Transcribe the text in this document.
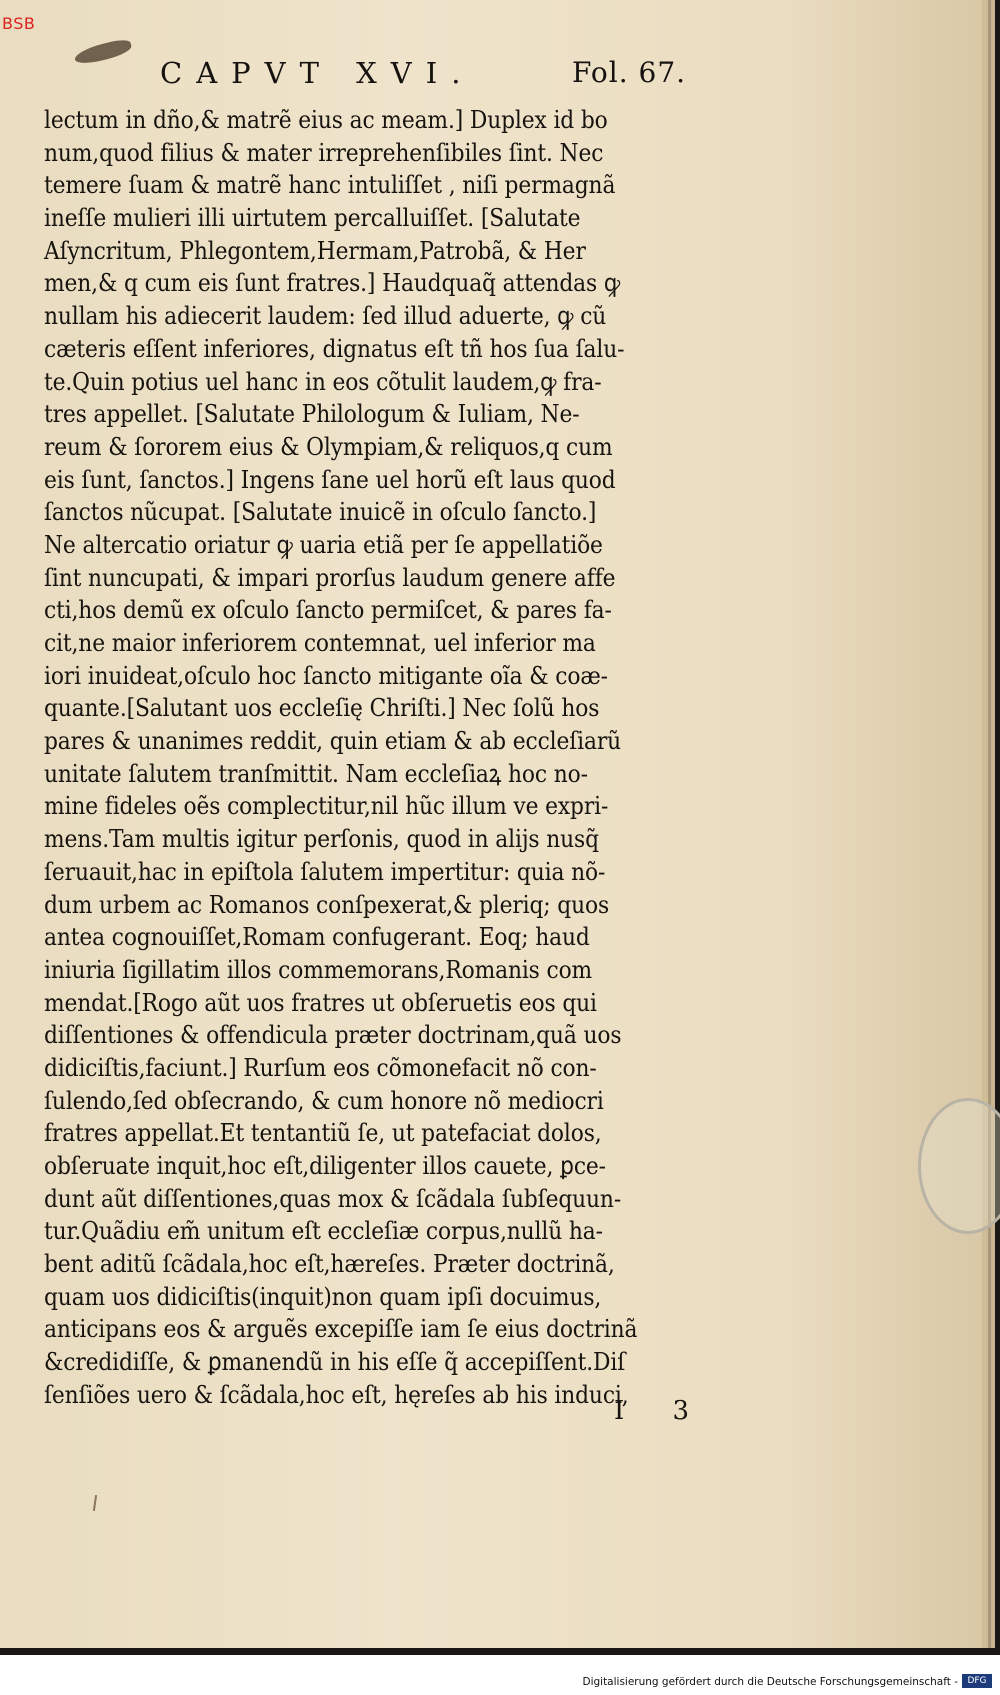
BSB
CAPVT XVI.	Fol. 67.
lectum in dño,& matrẽ eius ac meam.] Duplex id bo
num,quod filius & mater irreprehenſibiles ſint. Nec
temere ſuam & matrẽ hanc intuliſſet , niſi permagnã
ineſſe mulieri illi uirtutem percalluiſſet. [Salutate
Aſyncritum, Phlegontem,Hermam,Patrobã, & Her
men,& q cum eis ſunt fratres.] Haudquaq̃ attendas ꝙ
nullam his adiecerit laudem: ſed illud aduerte, ꝙ cũ
cæteris eſſent inferiores, dignatus eſt tñ hos ſua ſalu-
te.Quin potius uel hanc in eos cõtulit laudem,ꝙ fra-
tres appellet. [Salutate Philologum & Iuliam, Ne-
reum & ſororem eius & Olympiam,& reliquos,q cum
eis ſunt, ſanctos.] Ingens ſane uel horũ eſt laus quod
ſanctos nũcupat. [Salutate inuicẽ in oſculo ſancto.]
Ne altercatio oriatur ꝙ uaria etiã per ſe appellatiõe
ſint nuncupati, & impari prorſus laudum genere affe
cti,hos demũ ex oſculo ſancto permiſcet, & pares fa-
cit,ne maior inferiorem contemnat, uel inferior ma
iori inuideat,oſculo hoc ſancto mitigante oĩa & coæ-
quante.[Salutant uos eccleſię Chriſti.] Nec ſolũ hos
pares & unanimes reddit, quin etiam & ab eccleſiarũ
unitate ſalutem tranſmittit. Nam eccleſiaꝝ hoc no-
mine fideles oẽs complectitur,nil hũc illum ve expri-
mens.Tam multis igitur perſonis, quod in alijs nusq̃
ſeruauit,hac in epiſtola ſalutem impertitur: quia nõ-
dum urbem ac Romanos conſpexerat,& pleriq; quos
antea cognouiſſet,Romam confugerant. Eoq; haud
iniuria ſigillatim illos commemorans,Romanis com
mendat.[Rogo aũt uos fratres ut obſeruetis eos qui
diſſentiones & offendicula præter doctrinam,quã uos
didiciſtis,faciunt.] Rurſum eos cõmonefacit nõ con-
ſulendo,ſed obſecrando, & cum honore nõ mediocri
fratres appellat.Et tentantiũ ſe, ut patefaciat dolos,
obſeruate inquit,hoc eſt,diligenter illos cauete, ꝑce-
dunt aũt diſſentiones,quas mox & ſcãdala ſubſequun-
tur.Quãdiu em̃ unitum eſt eccleſiæ corpus,nullũ ha-
bent aditũ ſcãdala,hoc eſt,hæreſes. Præter doctrinã,
quam uos didiciſtis(inquit)non quam ipſi docuimus,
anticipans eos & arguẽs excepiſſe iam ſe eius doctrinã
&credidiſſe, & ꝑmanendũ in his eſſe q̃ accepiſſent.Diſ
ſenſiões uero & ſcãdala,hoc eſt, hęreſes ab his induci,
I 3
Digitalisierung gefördert durch die Deutsche Forschungsgemeinschaft -	DFG
